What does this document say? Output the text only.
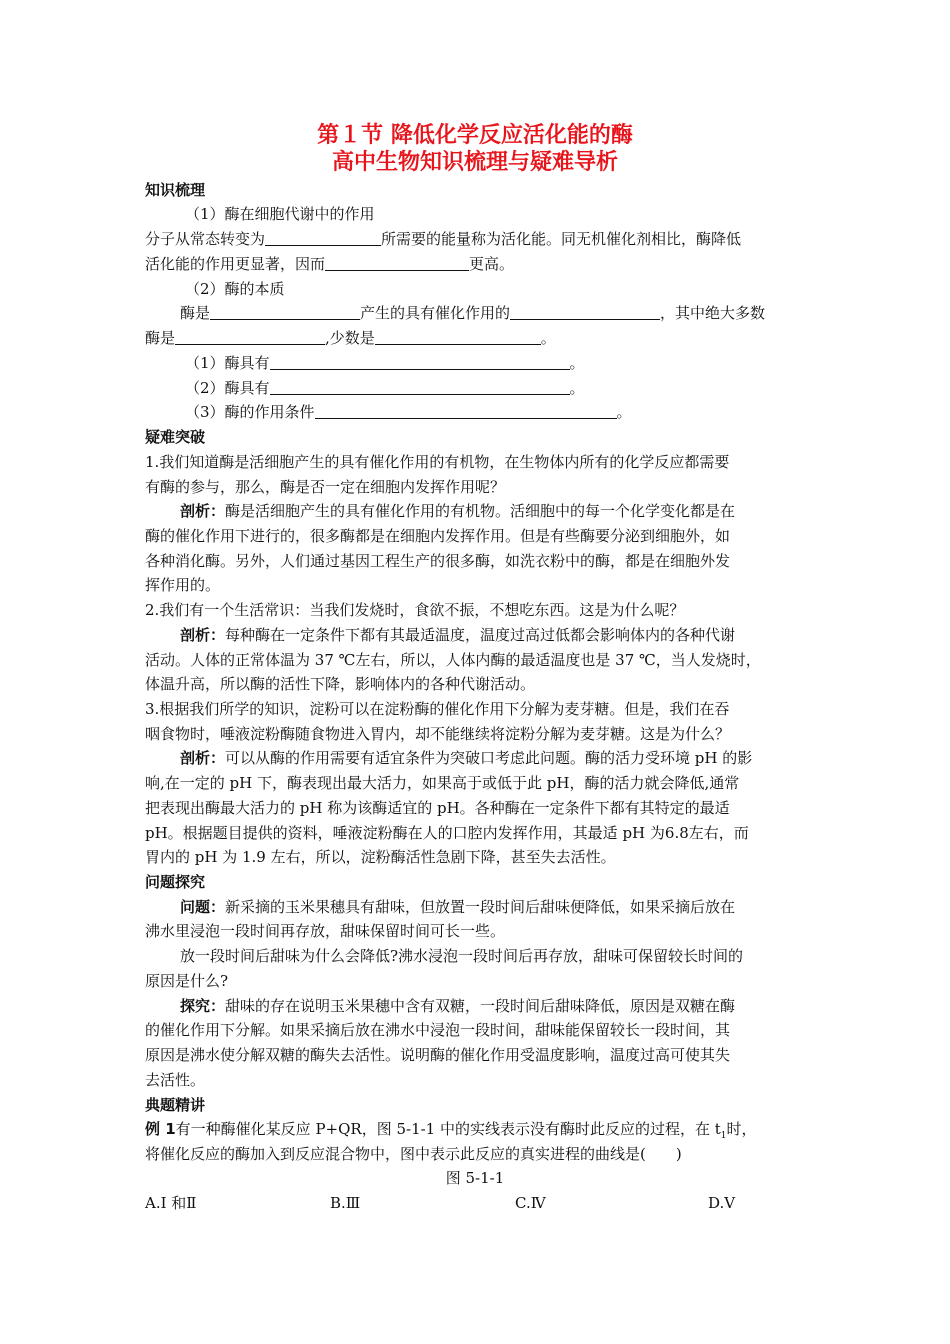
第１节 降低化学反应活化能的酶
高中生物知识梳理与疑难导析
知识梳理
（1）酶在细胞代谢中的作用
分子从常态转变为	所需要的能量称为活化能。同无机催化剂相比，酶降低
活化能的作用更显著，因而	更高。
（2）酶的本质
酶是	产生的具有催化作用的	，其中绝大多数
酶是	,少数是	。
（1）酶具有	。
（2）酶具有	。
（3）酶的作用条件	。
疑难突破
1.我们知道酶是活细胞产生的具有催化作用的有机物，在生物体内所有的化学反应都需要
有酶的参与，那么，酶是否一定在细胞内发挥作用呢？
剖析：酶是活细胞产生的具有催化作用的有机物。活细胞中的每一个化学变化都是在
酶的催化作用下进行的，很多酶都是在细胞内发挥作用。但是有些酶要分泌到细胞外，如
各种消化酶。另外，人们通过基因工程生产的很多酶，如洗衣粉中的酶，都是在细胞外发
挥作用的。
2.我们有一个生活常识：当我们发烧时，食欲不振，不想吃东西。这是为什么呢？
剖析：每种酶在一定条件下都有其最适温度，温度过高过低都会影响体内的各种代谢
活动。人体的正常体温为 37 ℃左右，所以，人体内酶的最适温度也是 37 ℃，当人发烧时，
体温升高，所以酶的活性下降，影响体内的各种代谢活动。
3.根据我们所学的知识，淀粉可以在淀粉酶的催化作用下分解为麦芽糖。但是，我们在吞
咽食物时，唾液淀粉酶随食物进入胃内，却不能继续将淀粉分解为麦芽糖。这是为什么？
剖析：可以从酶的作用需要有适宜条件为突破口考虑此问题。酶的活力受环境 pH 的影
响,在一定的 pH 下，酶表现出最大活力，如果高于或低于此 pH，酶的活力就会降低,通常
把表现出酶最大活力的 pH 称为该酶适宜的 pH。各种酶在一定条件下都有其特定的最适
pH。根据题目提供的资料，唾液淀粉酶在人的口腔内发挥作用，其最适 pH 为6.8左右，而
胃内的 pH 为 1.9 左右，所以，淀粉酶活性急剧下降，甚至失去活性。
问题探究
问题：新采摘的玉米果穗具有甜味，但放置一段时间后甜味便降低，如果采摘后放在
沸水里浸泡一段时间再存放，甜味保留时间可长一些。
放一段时间后甜味为什么会降低?沸水浸泡一段时间后再存放，甜味可保留较长时间的
原因是什么?
探究：甜味的存在说明玉米果穗中含有双糖，一段时间后甜味降低，原因是双糖在酶
的催化作用下分解。如果采摘后放在沸水中浸泡一段时间，甜味能保留较长一段时间，其
原因是沸水使分解双糖的酶失去活性。说明酶的催化作用受温度影响，温度过高可使其失
去活性。
典题精讲
例 1有一种酶催化某反应 P+QR，图 5-1-1 中的实线表示没有酶时此反应的过程，在 $t_1$时，
将催化反应的酶加入到反应混合物中，图中表示此反应的真实进程的曲线是(　　)
图 5-1-1
A.Ⅰ 和Ⅱ	B.Ⅲ	C.Ⅳ	D.Ⅴ
